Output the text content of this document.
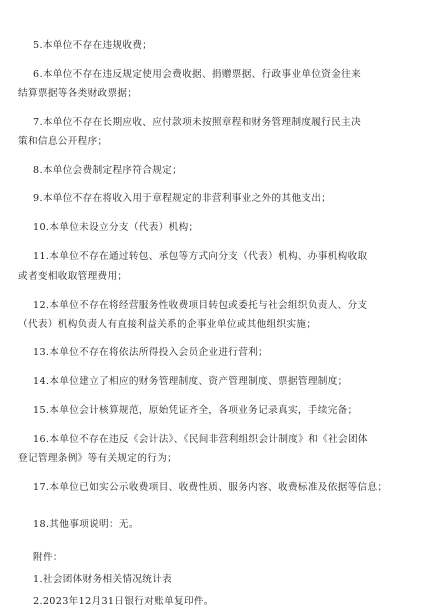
5.本单位不存在违规收费；
6.本单位不存在违反规定使用会费收据、捐赠票据、行政事业单位资金往来
结算票据等各类财政票据；
7.本单位不存在长期应收、应付款项未按照章程和财务管理制度履行民主决
策和信息公开程序；
8.本单位会费制定程序符合规定；
9.本单位不存在将收入用于章程规定的非营利事业之外的其他支出；
10.本单位未设立分支（代表）机构；
11.本单位不存在通过转包、承包等方式向分支（代表）机构、办事机构收取
或者变相收取管理费用；
12.本单位不存在将经营服务性收费项目转包或委托与社会组织负责人、分支
（代表）机构负责人有直接利益关系的企事业单位或其他组织实施；
13.本单位不存在将依法所得投入会员企业进行营利；
14.本单位建立了相应的财务管理制度、资产管理制度、票据管理制度；
15.本单位会计核算规范，原始凭证齐全，各项业务记录真实，手续完备；
16.本单位不存在违反《会计法》、《民间非营利组织会计制度》和《社会团体
登记管理条例》等有关规定的行为；
17.本单位已如实公示收费项目、收费性质、服务内容、收费标准及依据等信息；
18.其他事项说明：无。
附件：
1.社会团体财务相关情况统计表
2.2023年12月31日银行对账单复印件。
